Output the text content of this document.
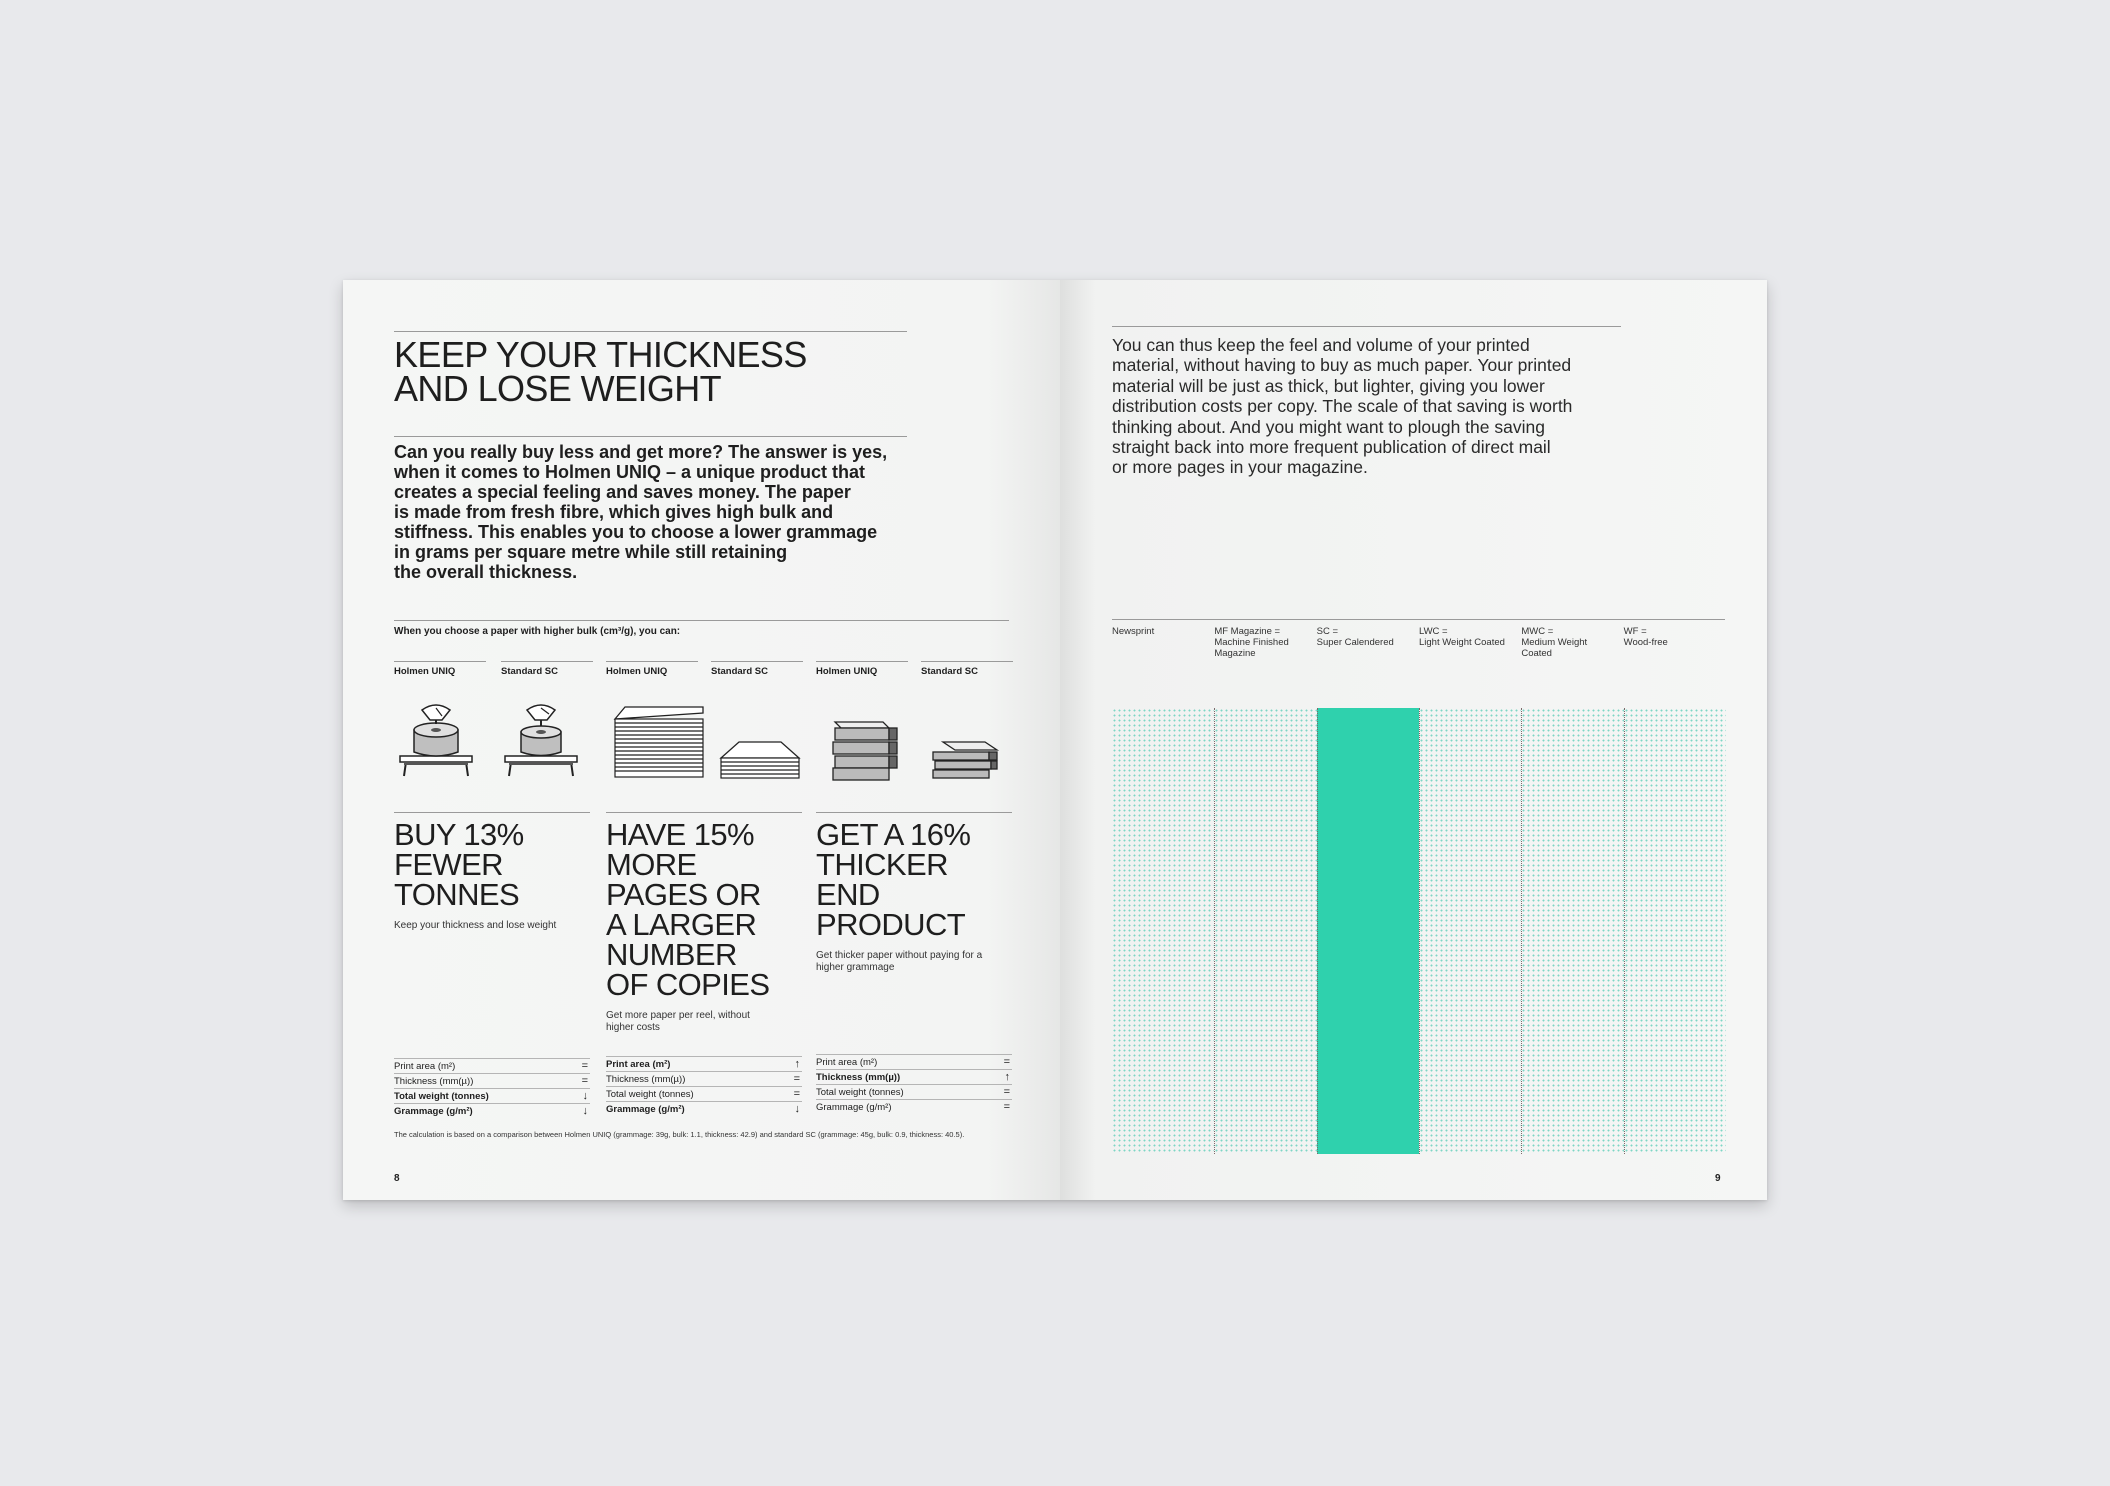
KEEP YOUR THICKNESS
AND LOSE WEIGHT
Can you really buy less and get more? The answer is yes,
when it comes to Holmen UNIQ – a unique product that
creates a special feeling and saves money. The paper
is made from fresh fibre, which gives high bulk and
stiffness. This enables you to choose a lower grammage
in grams per square metre while still retaining
the overall thickness.
When you choose a paper with higher bulk (cm³/g), you can:
Holmen UNIQ	Standard SC	Holmen UNIQ	Standard SC	Holmen UNIQ	Standard SC
BUY 13%
FEWER
TONNES
Keep your thickness and lose weight
Print area (m²)	=
Thickness (mm(µ))	=
Total weight (tonnes)	↓
Grammage (g/m²)	↓
HAVE 15%
MORE
PAGES OR
A LARGER
NUMBER
OF COPIES
Get more paper per reel, without
higher costs
Print area (m²)	↑
Thickness (mm(µ))	=
Total weight (tonnes)	=
Grammage (g/m²)	↓
GET A 16%
THICKER
END
PRODUCT
Get thicker paper without paying for a
higher grammage
Print area (m²)	=
Thickness (mm(µ))	↑
Total weight (tonnes)	=
Grammage (g/m²)	=
The calculation is based on a comparison between Holmen UNIQ (grammage: 39g, bulk: 1.1, thickness: 42.9) and standard SC (grammage: 45g, bulk: 0.9, thickness: 40.5).
8
You can thus keep the feel and volume of your printed
material, without having to buy as much paper. Your printed
material will be just as thick, but lighter, giving you lower
distribution costs per copy. The scale of that saving is worth
thinking about. And you might want to plough the saving
straight back into more frequent publication of direct mail
or more pages in your magazine.
Newsprint	MF Magazine =
Machine Finished
Magazine
SC =
Super Calendered
LWC =
Light Weight Coated
MWC =
Medium Weight
Coated
WF =
Wood-free
9
